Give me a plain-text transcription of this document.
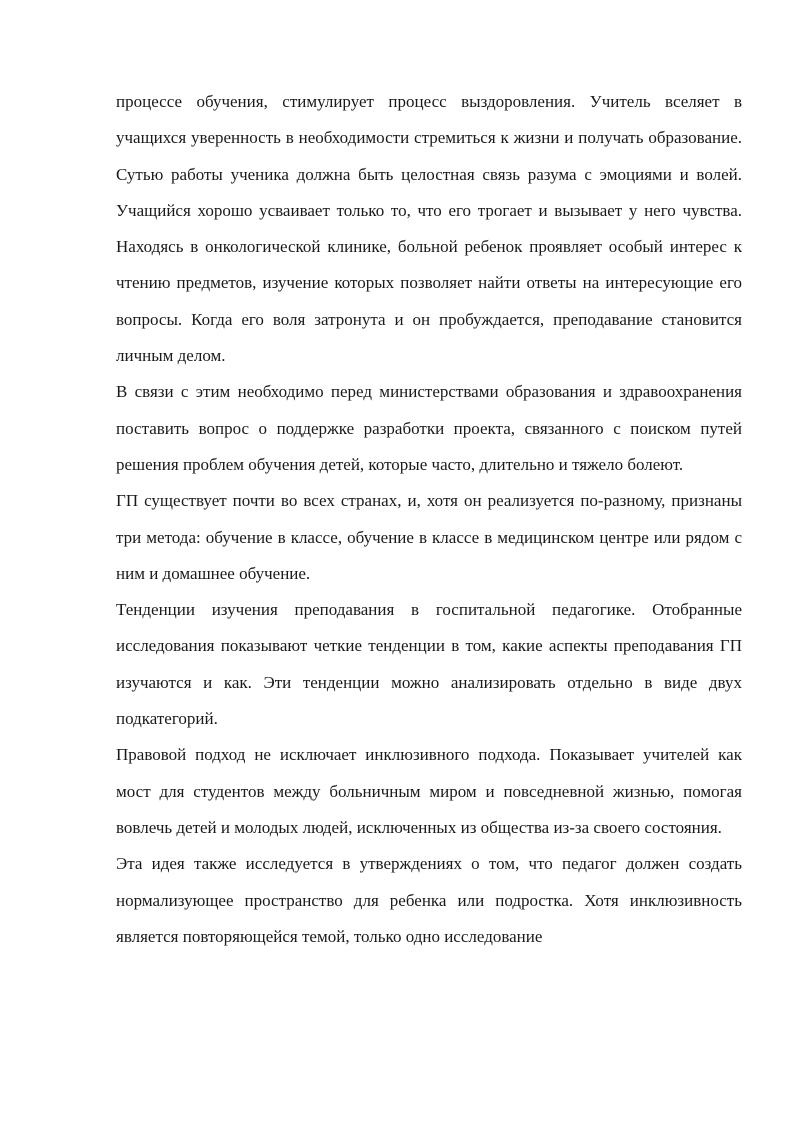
процессе обучения, стимулирует процесс выздоровления. Учитель вселяет в учащихся уверенность в необходимости стремиться к жизни и получать образование. Сутью работы ученика должна быть целостная связь разума с эмоциями и волей. Учащийся хорошо усваивает только то, что его трогает и вызывает у него чувства. Находясь в онкологической клинике, больной ребенок проявляет особый интерес к чтению предметов, изучение которых позволяет найти ответы на интересующие его вопросы. Когда его воля затронута и он пробуждается, преподавание становится личным делом.

В связи с этим необходимо перед министерствами образования и здравоохранения поставить вопрос о поддержке разработки проекта, связанного с поиском путей решения проблем обучения детей, которые часто, длительно и тяжело болеют.

ГП существует почти во всех странах, и, хотя он реализуется по-разному, признаны три метода: обучение в классе, обучение в классе в медицинском центре или рядом с ним и домашнее обучение.

Тенденции изучения преподавания в госпитальной педагогике. Отобранные исследования показывают четкие тенденции в том, какие аспекты преподавания ГП изучаются и как. Эти тенденции можно анализировать отдельно в виде двух подкатегорий.

Правовой подход не исключает инклюзивного подхода. Показывает учителей как мост для студентов между больничным миром и повседневной жизнью, помогая вовлечь детей и молодых людей, исключенных из общества из-за своего состояния.

Эта идея также исследуется в утверждениях о том, что педагог должен создать нормализующее пространство для ребенка или подростка. Хотя инклюзивность является повторяющейся темой, только одно исследование
